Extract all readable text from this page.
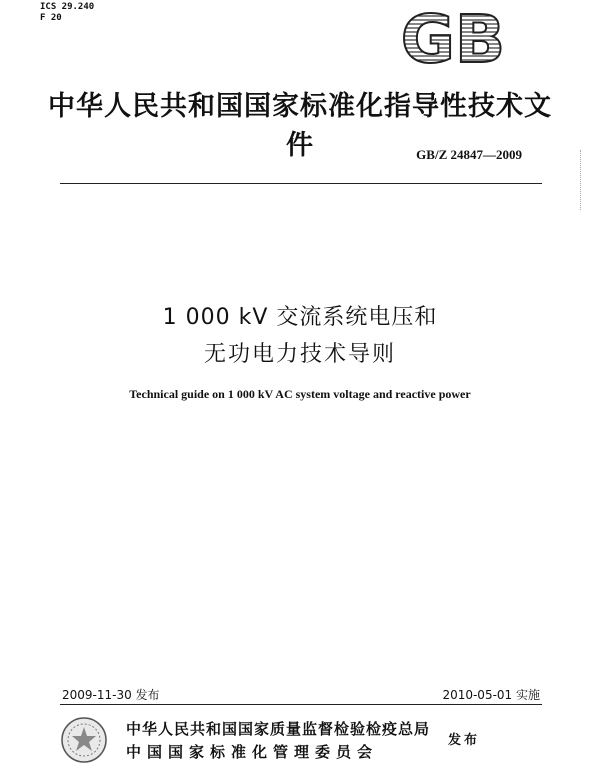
ICS 29.240
F 20	GB
中华人民共和国国家标准化指导性技术文件	GB/Z 24847—2009
1 000 kV 交流系统电压和
无功电力技术导则
Technical guide on 1 000 kV AC system voltage and reactive power
2009-11-30 发布	2010-05-01 实施
中华人民共和国国家质量监督检验检疫总局
中国国家标准化管理委员会
发布
